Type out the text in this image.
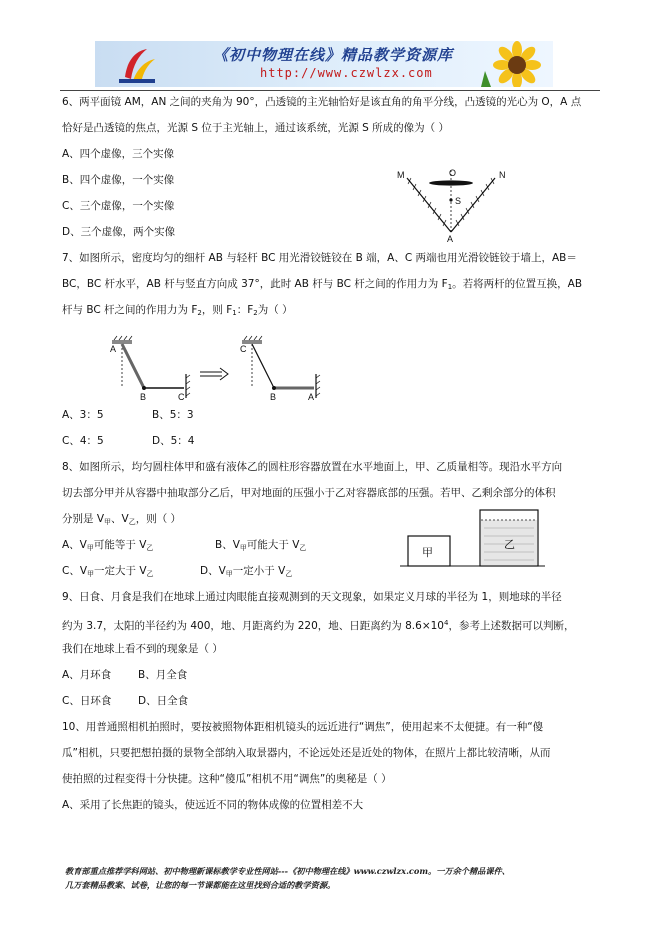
《初中物理在线》精品教学资源库
http://www.czwlzx.com
6、两平面镜 AM，AN 之间的夹角为 90°，凸透镜的主光轴恰好是该直角的角平分线，凸透镜的光心为 O，A 点
恰好是凸透镜的焦点，光源 S 位于主光轴上，通过该系统，光源 S 所成的像为（ ）
A、四个虚像，三个实像
B、四个虚像，一个实像
C、三个虚像，一个实像
D、三个虚像，两个实像
M	O	N
S
A
7、如图所示，密度均匀的细杆 AB 与轻杆 BC 用光滑铰链铰在 B 端，A、C 两端也用光滑铰链铰于墙上，AB＝
BC，BC 杆水平，AB 杆与竖直方向成 37°，此时 AB 杆与 BC 杆之间的作用力为 $F_1$。若将两杆的位置互换，AB
杆与 BC 杆之间的作用力为 $F_2$，则 $F_1$：$F_2$为（ ）
A
B	C
C
B	A
A、3：5	B、5：3
C、4：5	D、5：4
8、如图所示，均匀圆柱体甲和盛有液体乙的圆柱形容器放置在水平地面上，甲、乙质量相等。现沿水平方向
切去部分甲并从容器中抽取部分乙后，甲对地面的压强小于乙对容器底部的压强。若甲、乙剩余部分的体积
分别是 $V_甲$、$V_乙$，则（ ）
A、$V_甲$可能等于 $V_乙$	B、$V_甲$可能大于 $V_乙$
C、$V_甲$一定大于 $V_乙$	D、$V_甲$一定小于 $V_乙$
甲
乙
9、日食、月食是我们在地球上通过肉眼能直接观测到的天文现象，如果定义月球的半径为 1，则地球的半径
约为 3.7，太阳的半径约为 400，地、月距离约为 220，地、日距离约为 $8.6\times 10^4$，参考上述数据可以判断，
我们在地球上看不到的现象是（ ）
A、月环食	B、月全食
C、日环食	D、日全食
10、用普通照相机拍照时，要按被照物体距相机镜头的远近进行“调焦”，使用起来不太便捷。有一种“傻
瓜”相机，只要把想拍摄的景物全部纳入取景器内，不论远处还是近处的物体，在照片上都比较清晰，从而
使拍照的过程变得十分快捷。这种“傻瓜”相机不用“调焦”的奥秘是（ ）
A、采用了长焦距的镜头，使远近不同的物体成像的位置相差不大
教育部重点推荐学科网站、初中物理新课标教学专业性网站---《初中物理在线》www.czwlzx.com。一万余个精品课件、
几万套精品教案、试卷，让您的每一节课都能在这里找到合适的教学资源。
